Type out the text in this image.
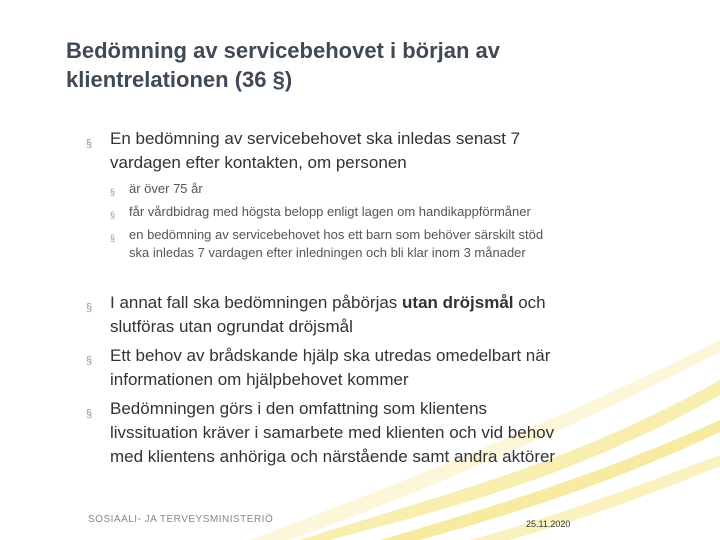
Bedömning av servicebehovet i början av
klientrelationen (36 §)
§	En bedömning av servicebehovet ska inledas senast 7
vardagen efter kontakten, om personen
§	är över 75 år
§	får vårdbidrag med högsta belopp enligt lagen om handikappförmåner
§	en bedömning av servicebehovet hos ett barn som behöver särskilt stöd
ska inledas 7 vardagen efter inledningen och bli klar inom 3 månader
§	I annat fall ska bedömningen påbörjas utan dröjsmål och
slutföras utan ogrundat dröjsmål
§	Ett behov av brådskande hjälp ska utredas omedelbart när
informationen om hjälpbehovet kommer
§	Bedömningen görs i den omfattning som klientens
livssituation kräver i samarbete med klienten och vid behov
med klientens anhöriga och närstående samt andra aktörer
SOSIAALI- JA TERVEYSMINISTERIÖ	25.11.2020
